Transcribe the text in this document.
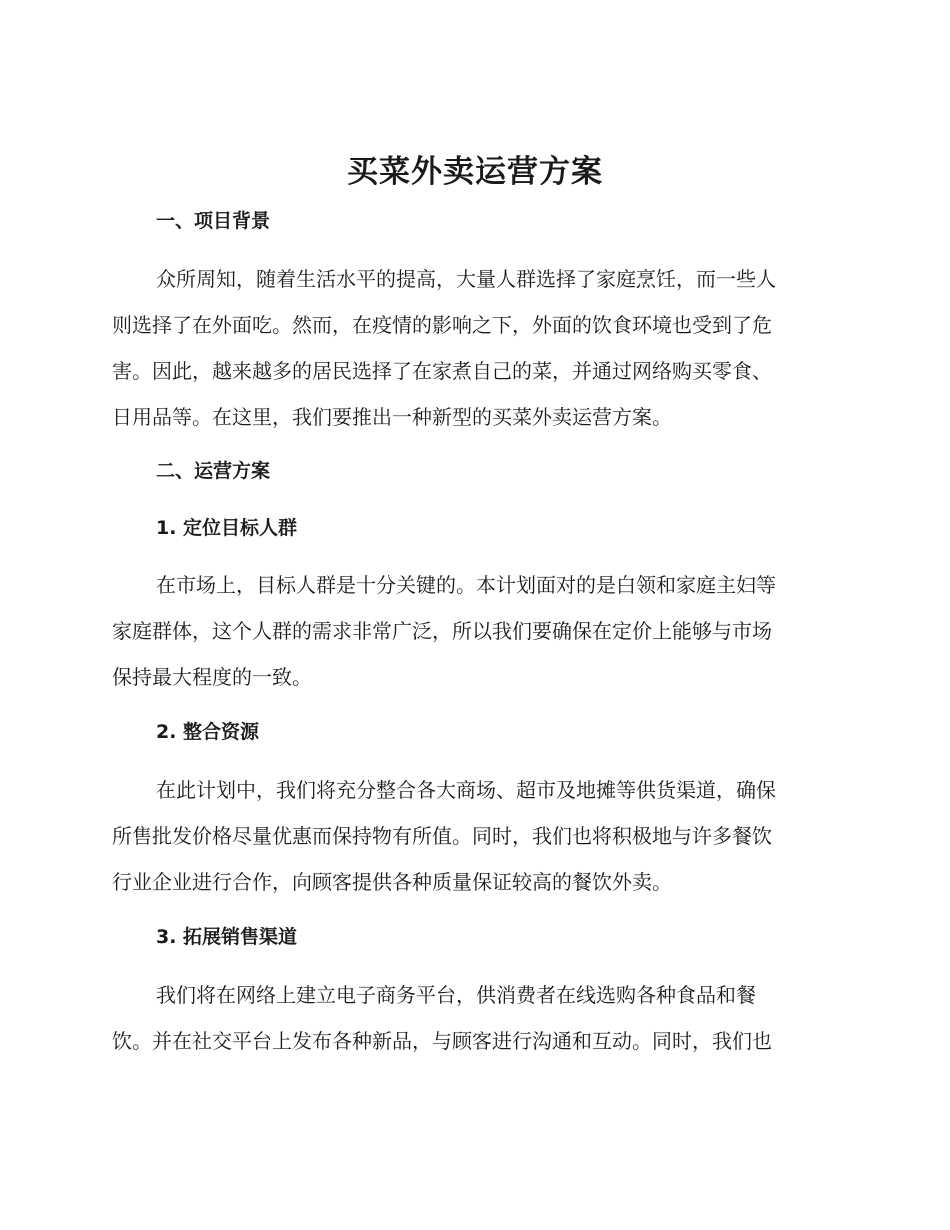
买菜外卖运营方案
一、项目背景
众所周知，随着生活水平的提高，大量人群选择了家庭烹饪，而一些人
则选择了在外面吃。然而，在疫情的影响之下，外面的饮食环境也受到了危
害。因此，越来越多的居民选择了在家煮自己的菜，并通过网络购买零食、
日用品等。在这里，我们要推出一种新型的买菜外卖运营方案。
二、运营方案
1. 定位目标人群
在市场上，目标人群是十分关键的。本计划面对的是白领和家庭主妇等
家庭群体，这个人群的需求非常广泛，所以我们要确保在定价上能够与市场
保持最大程度的一致。
2. 整合资源
在此计划中，我们将充分整合各大商场、超市及地摊等供货渠道，确保
所售批发价格尽量优惠而保持物有所值。同时，我们也将积极地与许多餐饮
行业企业进行合作，向顾客提供各种质量保证较高的餐饮外卖。
3. 拓展销售渠道
我们将在网络上建立电子商务平台，供消费者在线选购各种食品和餐
饮。并在社交平台上发布各种新品，与顾客进行沟通和互动。同时，我们也
